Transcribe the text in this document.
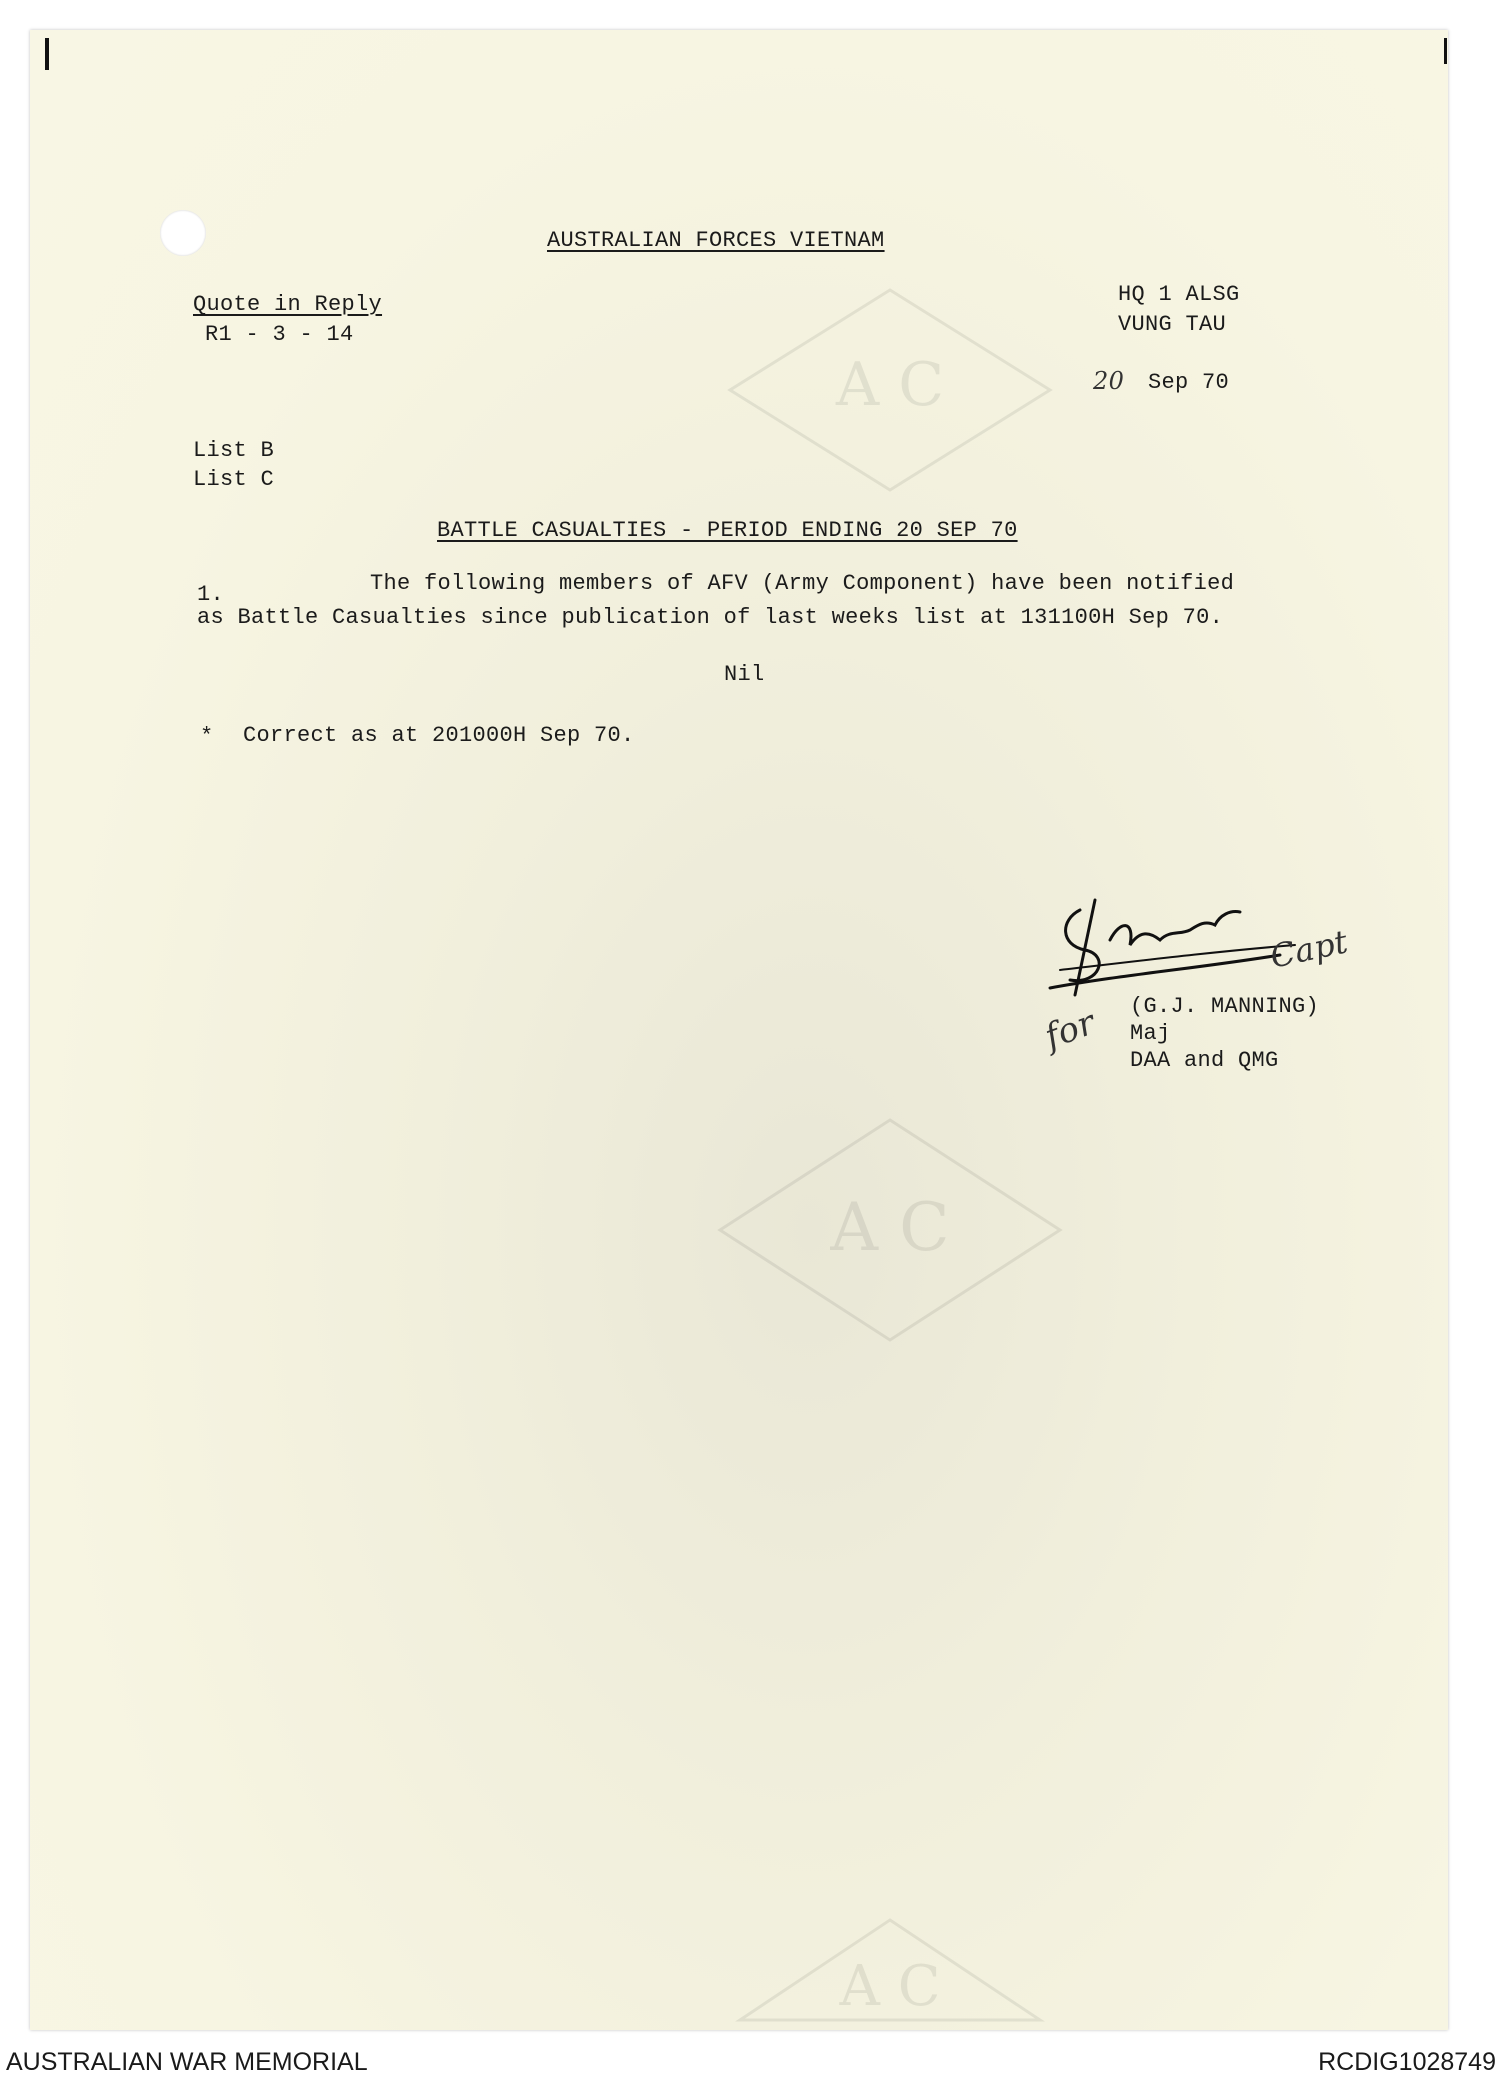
A C
A C
A C
AUSTRALIAN FORCES VIETNAM
Quote in Reply
R1 - 3 - 14
HQ 1 ALSG
VUNG TAU
20 Sep 70
List B
List C
BATTLE CASUALTIES - PERIOD ENDING 20 SEP 70
1.	The following members of AFV (Army Component) have been notified
as Battle Casualties since publication of last weeks list at 131100H Sep 70.
Nil
* Correct as at 201000H Sep 70.
Capt
for (G.J. MANNING)
Maj
DAA and QMG
AUSTRALIAN WAR MEMORIAL	RCDIG1028749
